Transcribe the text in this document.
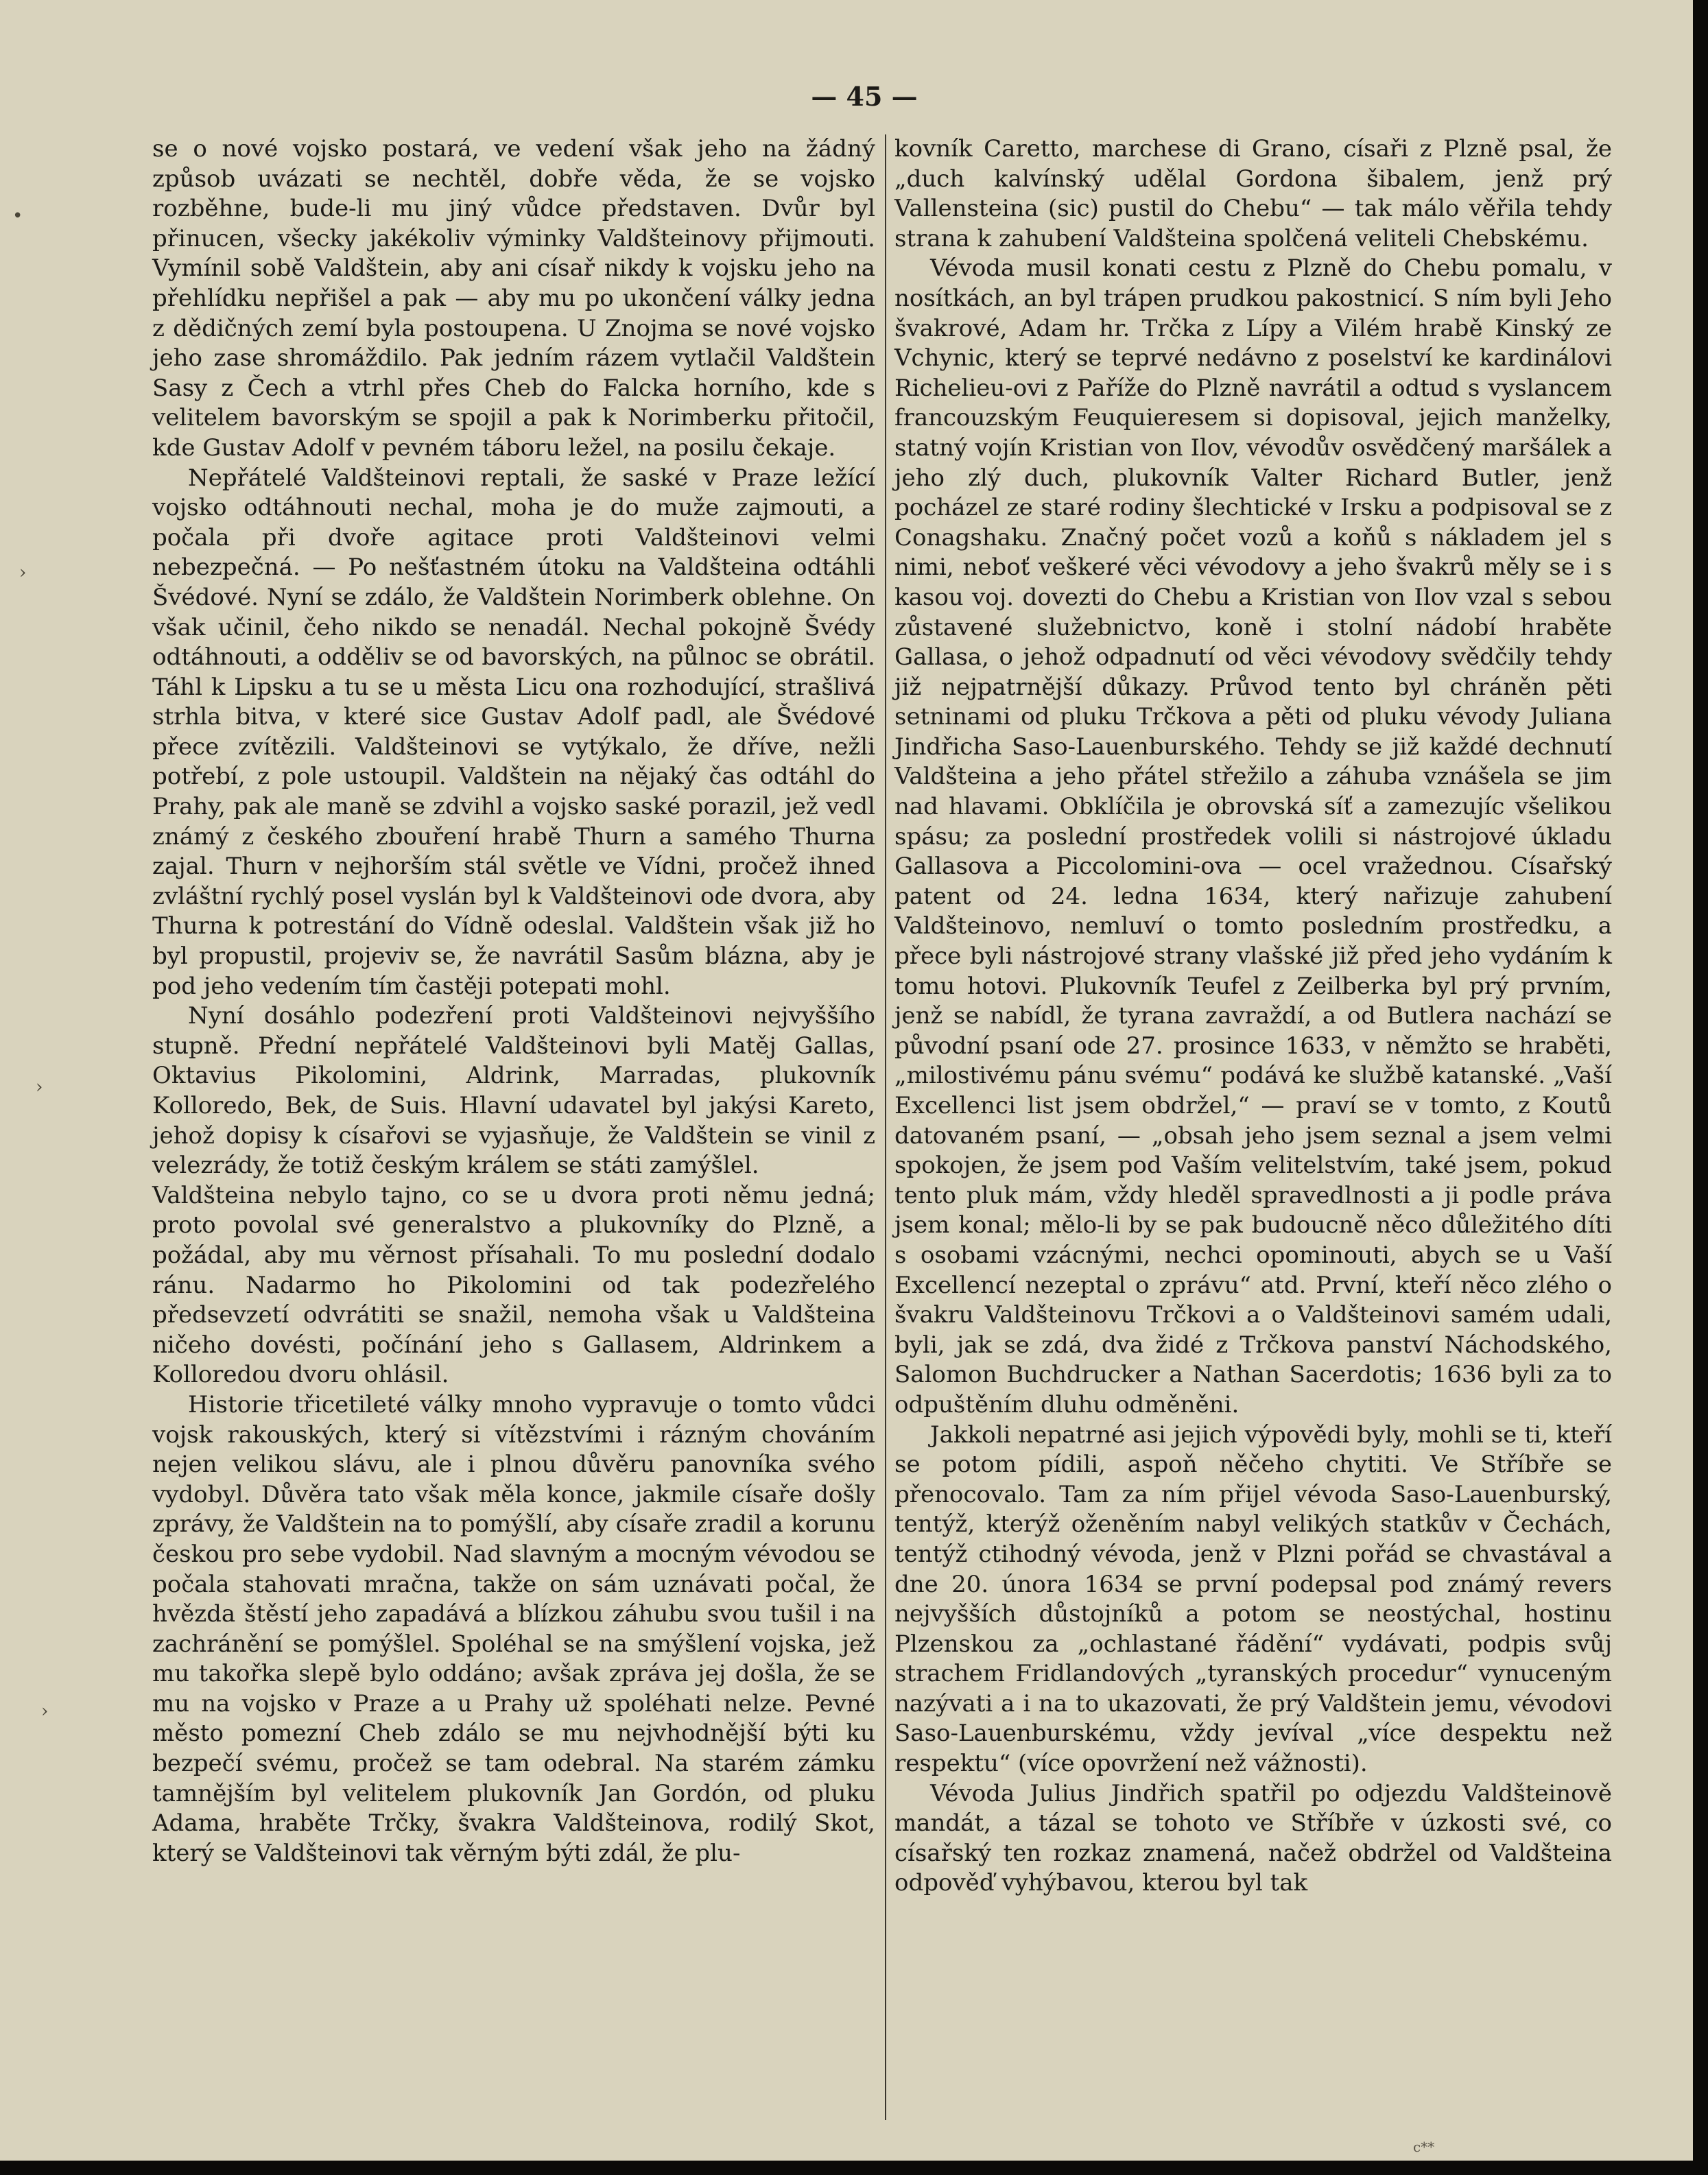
— 45 —

se o nové vojsko postará, ve vedení však jeho na žádný způsob uvázati se nechtěl, dobře věda, že se vojsko rozběhne, bude-li mu jiný vůdce představen. Dvůr byl přinucen, všecky jakékoliv výminky Valdšteinovy přijmouti. Vymínil sobě Valdštein, aby ani císař nikdy k vojsku jeho na přehlídku nepřišel a pak — aby mu po ukončení války jedna z dědičných zemí byla postoupena. U Znojma se nové vojsko jeho zase shromáždilo. Pak jedním rázem vytlačil Valdštein Sasy z Čech a vtrhl přes Cheb do Falcka horního, kde s velitelem bavorským se spojil a pak k Norimberku přitočil, kde Gustav Adolf v pevném táboru ležel, na posilu čekaje.

Nepřátelé Valdšteinovi reptali, že saské v Praze ležící vojsko odtáhnouti nechal, moha je do muže zajmouti, a počala při dvoře agitace proti Valdšteinovi velmi nebezpečná. — Po nešťastném útoku na Valdšteina odtáhli Švédové. Nyní se zdálo, že Valdštein Norimberk oblehne. On však učinil, čeho nikdo se nenadál. Nechal pokojně Švédy odtáhnouti, a odděliv se od bavorských, na půlnoc se obrátil. Táhl k Lipsku a tu se u města Licu ona rozhodující, strašlivá strhla bitva, v které sice Gustav Adolf padl, ale Švédové přece zvítězili. Valdšteinovi se vytýkalo, že dříve, nežli potřebí, z pole ustoupil. Valdštein na nějaký čas odtáhl do Prahy, pak ale maně se zdvihl a vojsko saské porazil, jež vedl známý z českého zbouření hrabě Thurn a samého Thurna zajal. Thurn v nejhorším stál světle ve Vídni, pročež ihned zvláštní rychlý posel vyslán byl k Valdšteinovi ode dvora, aby Thurna k potrestání do Vídně odeslal. Valdštein však již ho byl propustil, projeviv se, že navrátil Sasům blázna, aby je pod jeho vedením tím častěji potepati mohl.

Nyní dosáhlo podezření proti Valdšteinovi nejvyššího stupně. Přední nepřátelé Valdšteinovi byli Matěj Gallas, Oktavius Pikolomini, Aldrink, Marradas, plukovník Kolloredo, Bek, de Suis. Hlavní udavatel byl jakýsi Kareto, jehož dopisy k císařovi se vyjasňuje, že Valdštein se vinil z velezrády, že totiž českým králem se státi zamýšlel.

Valdšteina nebylo tajno, co se u dvora proti němu jedná; proto povolal své generalstvo a plukovníky do Plzně, a požádal, aby mu věrnost přísahali. To mu poslední dodalo ránu. Nadarmo ho Pikolomini od tak podezřelého předsevzetí odvrátiti se snažil, nemoha však u Valdšteina ničeho dovésti, počínání jeho s Gallasem, Aldrinkem a Kolloredou dvoru ohlásil.

Historie třicetileté války mnoho vypravuje o tomto vůdci vojsk rakouských, který si vítězstvími i rázným chováním nejen velikou slávu, ale i plnou důvěru panovníka svého vydobyl. Důvěra tato však měla konce, jakmile císaře došly zprávy, že Valdštein na to pomýšlí, aby císaře zradil a korunu českou pro sebe vydobil. Nad slavným a mocným vévodou se počala stahovati mračna, takže on sám uznávati počal, že hvězda štěstí jeho zapadává a blízkou záhubu svou tušil i na zachránění se pomýšlel. Spoléhal se na smýšlení vojska, jež mu takořka slepě bylo oddáno; avšak zpráva jej došla, že se mu na vojsko v Praze a u Prahy už spoléhati nelze. Pevné město pomezní Cheb zdálo se mu nejvhodnější býti ku bezpečí svému, pročež se tam odebral. Na starém zámku tamnějším byl velitelem plukovník Jan Gordón, od pluku Adama, hraběte Trčky, švakra Valdšteinova, rodilý Skot, který se Valdšteinovi tak věrným býti zdál, že plu-

kovník Caretto, marchese di Grano, císaři z Plzně psal, že „duch kalvínský udělal Gordona šibalem, jenž prý Vallensteina (sic) pustil do Chebu“ — tak málo věřila tehdy strana k zahubení Valdšteina spolčená veliteli Chebskému.

Vévoda musil konati cestu z Plzně do Chebu pomalu, v nosítkách, an byl trápen prudkou pakostnicí. S ním byli Jeho švakrové, Adam hr. Trčka z Lípy a Vilém hrabě Kinský ze Vchynic, který se teprvé nedávno z poselství ke kardinálovi Richelieu-ovi z Paříže do Plzně navrátil a odtud s vyslancem francouzským Feuquieresem si dopisoval, jejich manželky, statný vojín Kristian von Ilov, vévodův osvědčený maršálek a jeho zlý duch, plukovník Valter Richard Butler, jenž pocházel ze staré rodiny šlechtické v Irsku a podpisoval se z Conagshaku. Značný počet vozů a koňů s nákladem jel s nimi, neboť veškeré věci vévodovy a jeho švakrů měly se i s kasou voj. dovezti do Chebu a Kristian von Ilov vzal s sebou zůstavené služebnictvo, koně i stolní nádobí hraběte Gallasa, o jehož odpadnutí od věci vévodovy svědčily tehdy již nejpatrnější důkazy. Průvod tento byl chráněn pěti setninami od pluku Trčkova a pěti od pluku vévody Juliana Jindřicha Saso-Lauenburského. Tehdy se již každé dechnutí Valdšteina a jeho přátel střežilo a záhuba vznášela se jim nad hlavami. Obklíčila je obrovská síť a zamezujíc všelikou spásu; za poslední prostředek volili si nástrojové úkladu Gallasova a Piccolomini-ova — ocel vražednou. Císařský patent od 24. ledna 1634, který nařizuje zahubení Valdšteinovo, nemluví o tomto posledním prostředku, a přece byli nástrojové strany vlašské již před jeho vydáním k tomu hotovi. Plukovník Teufel z Zeilberka byl prý prvním, jenž se nabídl, že tyrana zavraždí, a od Butlera nachází se původní psaní ode 27. prosince 1633, v němžto se hraběti, „milostivému pánu svému“ podává ke službě katanské. „Vaší Excellenci list jsem obdržel,“ — praví se v tomto, z Koutů datovaném psaní, — „obsah jeho jsem seznal a jsem velmi spokojen, že jsem pod Vaším velitelstvím, také jsem, pokud tento pluk mám, vždy hleděl spravedlnosti a ji podle práva jsem konal; mělo-li by se pak budoucně něco důležitého díti s osobami vzácnými, nechci opominouti, abych se u Vaší Excellencí nezeptal o zprávu“ atd. První, kteří něco zlého o švakru Valdšteinovu Trčkovi a o Valdšteinovi samém udali, byli, jak se zdá, dva židé z Trčkova panství Náchodského, Salomon Buchdrucker a Nathan Sacerdotis; 1636 byli za to odpuštěním dluhu odměněni.

Jakkoli nepatrné asi jejich výpovědi byly, mohli se ti, kteří se potom pídili, aspoň něčeho chytiti. Ve Stříbře se přenocovalo. Tam za ním přijel vévoda Saso-Lauenburský, tentýž, kterýž oženěním nabyl velikých statkův v Čechách, tentýž ctihodný vévoda, jenž v Plzni pořád se chvastával a dne 20. února 1634 se první podepsal pod známý revers nejvyšších důstojníků a potom se neostýchal, hostinu Plzenskou za „ochlastané řádění“ vydávati, podpis svůj strachem Fridlandových „tyranských procedur“ vynuceným nazývati a i na to ukazovati, že prý Valdštein jemu, vévodovi Saso-Lauenburskému, vždy jevíval „více despektu než respektu“ (více opovržení než vážnosti).

Vévoda Julius Jindřich spatřil po odjezdu Valdšteinově mandát, a tázal se tohoto ve Stříbře v úzkosti své, co císařský ten rozkaz znamená, načež obdržel od Valdšteina odpověď vyhýbavou, kterou byl tak

c**
•
›
›
›
